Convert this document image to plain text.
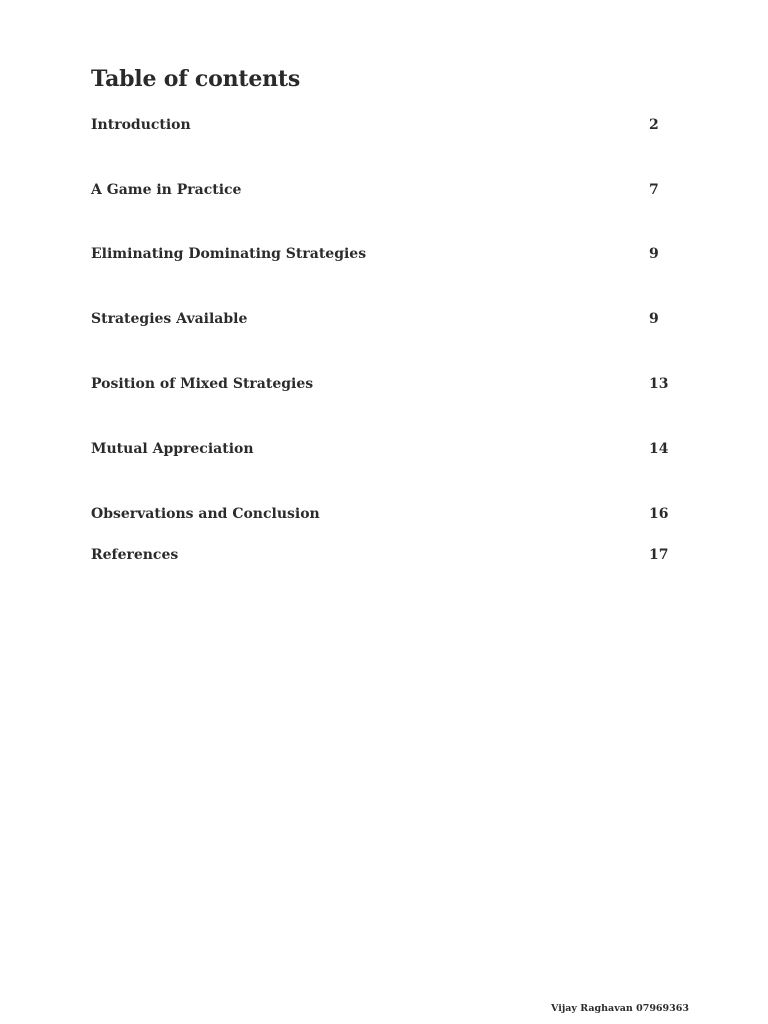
Table of contents
Introduction	2
A Game in Practice	7
Eliminating Dominating Strategies	9
Strategies Available	9
Position of Mixed Strategies	13
Mutual Appreciation	14
Observations and Conclusion	16
References	17
Vijay Raghavan 07969363
